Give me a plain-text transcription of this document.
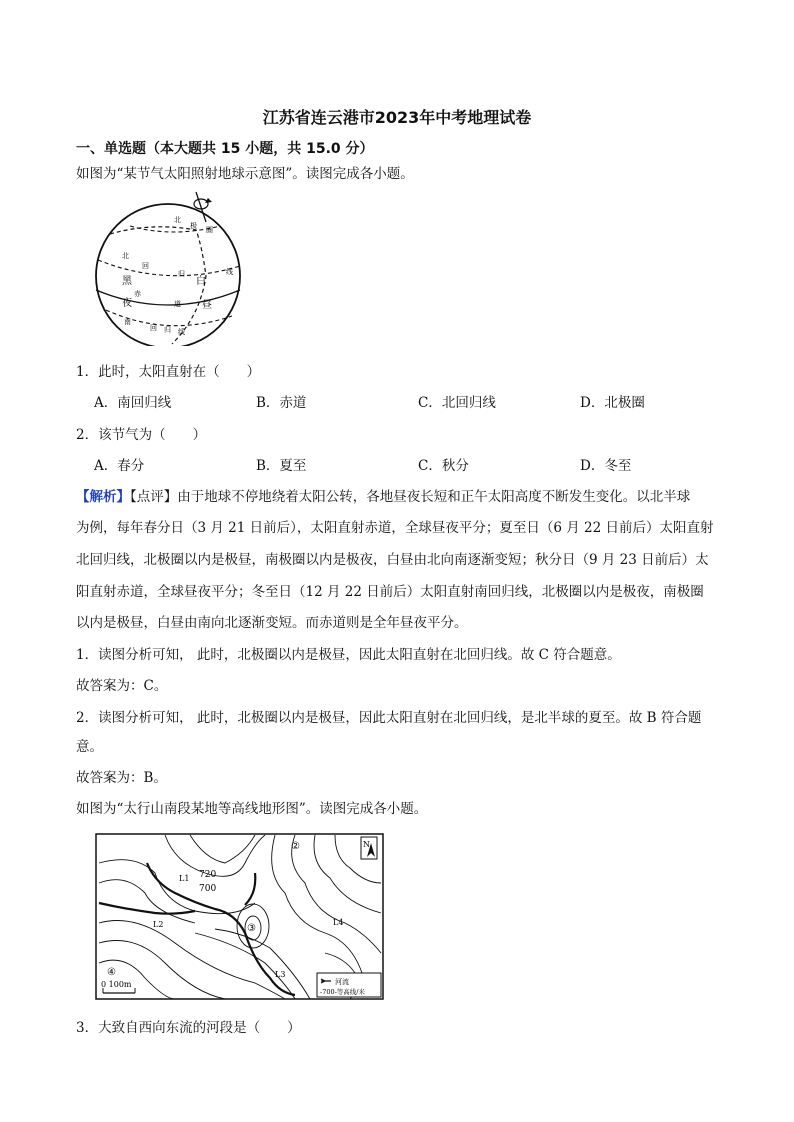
江苏省连云港市2023年中考地理试卷
一、单选题（本大题共 15 小题，共 15.0 分）
如图为“某节气太阳照射地球示意图”。读图完成各小题。
北
极 圈
北
回
归	线
黑	白
赤
道
夜	昼
南
回 归 线
1．此时，太阳直射在（　　）
A．南回归线	B．赤道	C．北回归线	D．北极圈
2．该节气为（　　）
A．春分	B．夏至	C．秋分	D．冬至
【解析】【点评】由于地球不停地绕着太阳公转，各地昼夜长短和正午太阳高度不断发生变化。以北半球
为例，每年春分日（3 月 21 日前后），太阳直射赤道，全球昼夜平分；夏至日（6 月 22 日前后）太阳直射
北回归线，北极圈以内是极昼，南极圈以内是极夜，白昼由北向南逐渐变短；秋分日（9 月 23 日前后）太
阳直射赤道，全球昼夜平分；冬至日（12 月 22 日前后）太阳直射南回归线，北极圈以内是极夜，南极圈
以内是极昼，白昼由南向北逐渐变短。而赤道则是全年昼夜平分。
1．读图分析可知， 此时，北极圈以内是极昼，因此太阳直射在北回归线。故 C 符合题意。
故答案为：C。
2．读图分析可知， 此时，北极圈以内是极昼，因此太阳直射在北回归线，是北半球的夏至。故 B 符合题
意。
故答案为：B。
如图为“太行山南段某地等高线地形图”。读图完成各小题。
N
720
700
L1
L2
L3
L4
②
③
④
0 100m	河流
-700-等高线/米
3．大致自西向东流的河段是（　　）
